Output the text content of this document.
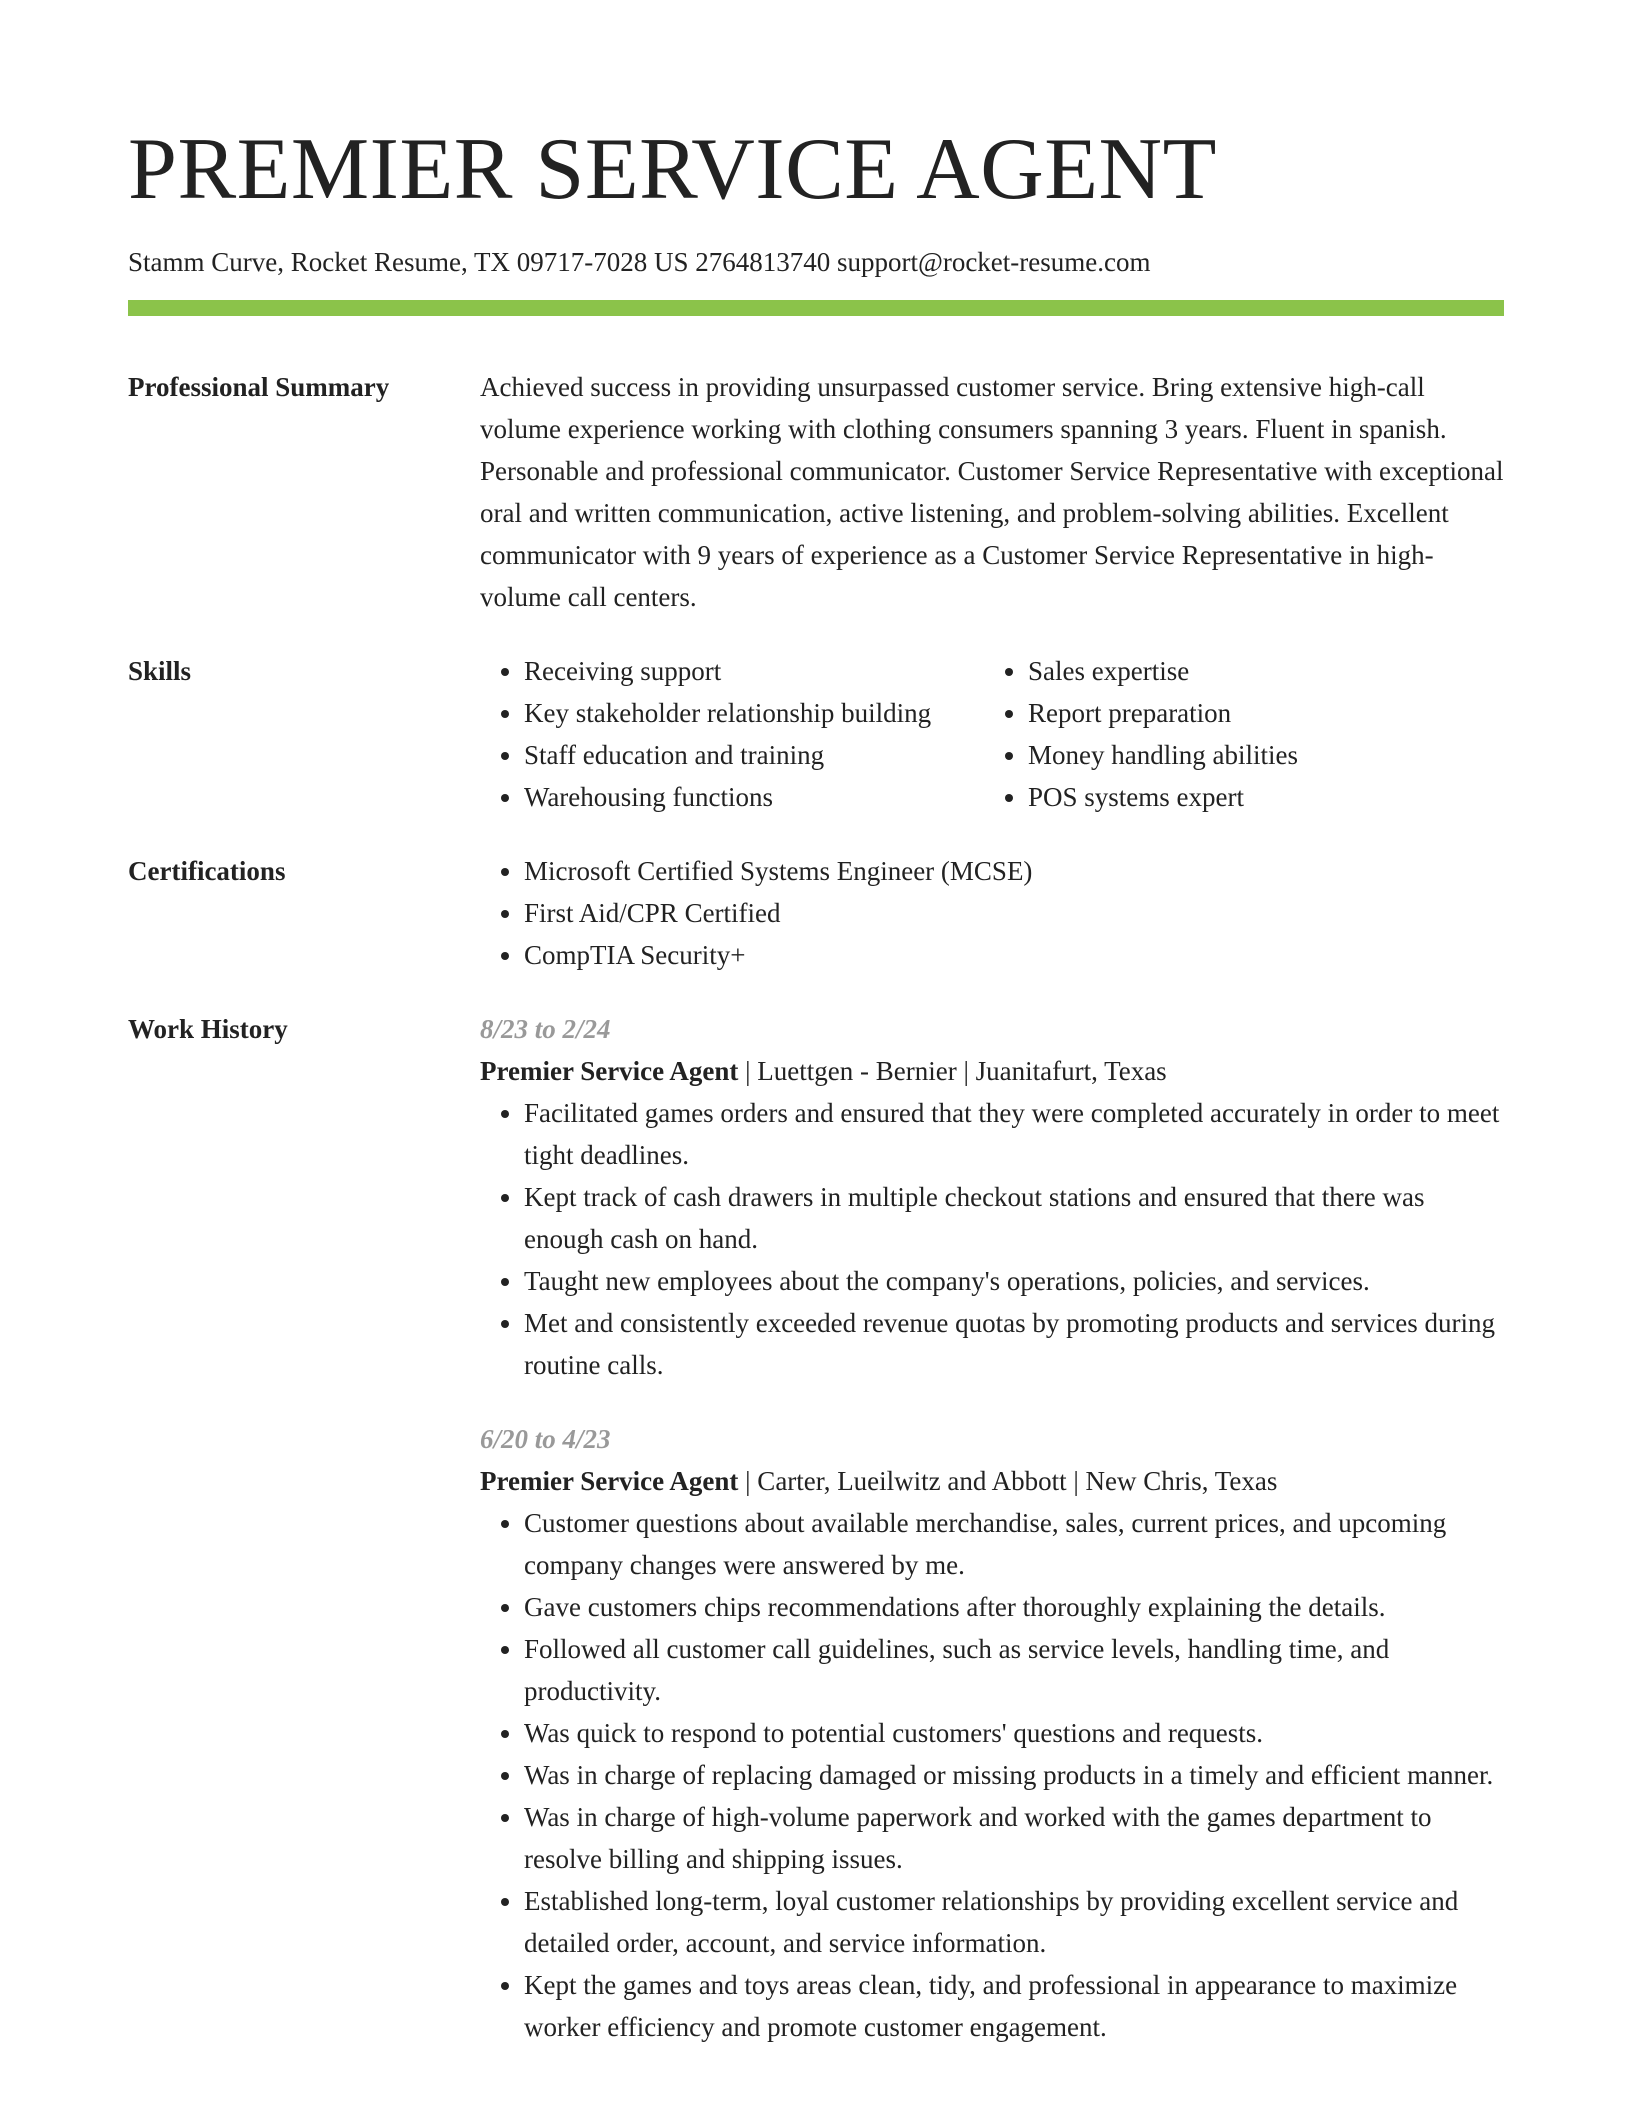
PREMIER SERVICE AGENT
Stamm Curve, Rocket Resume, TX 09717-7028 US 2764813740 support@rocket-resume.com
Professional Summary	Achieved success in providing unsurpassed customer service. Bring extensive high-call volume experience working with clothing consumers spanning 3 years. Fluent in spanish. Personable and professional communicator. Customer Service Representative with exceptional oral and written communication, active listening, and problem-solving abilities. Excellent communicator with 9 years of experience as a Customer Service Representative in high-volume call centers.

Skills	• Receiving support
• Key stakeholder relationship building
• Staff education and training
• Warehousing functions
• Sales expertise
• Report preparation
• Money handling abilities
• POS systems expert
Certifications	• Microsoft Certified Systems Engineer (MCSE)
• First Aid/CPR Certified
• CompTIA Security+
Work History	8/23 to 2/24
Premier Service Agent | Luettgen - Bernier | Juanitafurt, Texas
• Facilitated games orders and ensured that they were completed accurately in order to meet tight deadlines.
• Kept track of cash drawers in multiple checkout stations and ensured that there was enough cash on hand.
• Taught new employees about the company's operations, policies, and services.
• Met and consistently exceeded revenue quotas by promoting products and services during routine calls.
6/20 to 4/23
Premier Service Agent | Carter, Lueilwitz and Abbott | New Chris, Texas
• Customer questions about available merchandise, sales, current prices, and upcoming company changes were answered by me.
• Gave customers chips recommendations after thoroughly explaining the details.
• Followed all customer call guidelines, such as service levels, handling time, and productivity.
• Was quick to respond to potential customers' questions and requests.
• Was in charge of replacing damaged or missing products in a timely and efficient manner.
• Was in charge of high-volume paperwork and worked with the games department to resolve billing and shipping issues.
• Established long-term, loyal customer relationships by providing excellent service and detailed order, account, and service information.
• Kept the games and toys areas clean, tidy, and professional in appearance to maximize worker efficiency and promote customer engagement.
